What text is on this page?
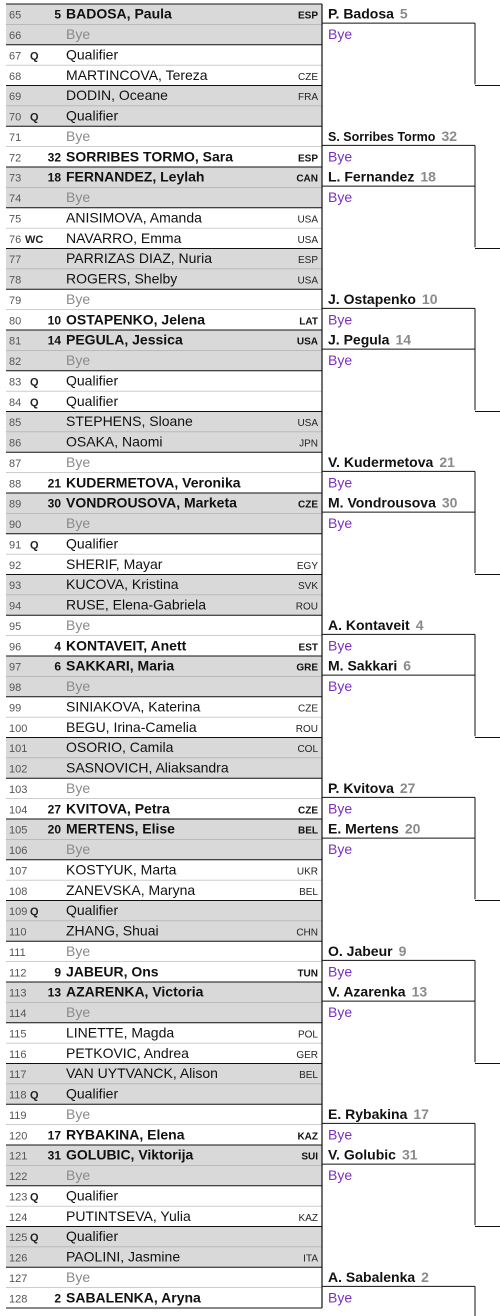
65	5 BADOSA, Paula	ESP
66	Bye
67 Q Qualifier
68	MARTINCOVA, Tereza	CZE
69	DODIN, Oceane	FRA
70 Q Qualifier
71	Bye
72 32 SORRIBES TORMO, Sara	ESP
73 18 FERNANDEZ, Leylah	CAN
74	Bye
75	ANISIMOVA, Amanda	USA
76 WC NAVARRO, Emma	USA
77	PARRIZAS DIAZ, Nuria	ESP
78	ROGERS, Shelby	USA
79	Bye
80 10 OSTAPENKO, Jelena	LAT
81 14 PEGULA, Jessica	USA
82	Bye
83 Q Qualifier
84 Q Qualifier
85	STEPHENS, Sloane	USA
86	OSAKA, Naomi	JPN
87	Bye
88 21 KUDERMETOVA, Veronika
89 30 VONDROUSOVA, Marketa	CZE
90	Bye
91 Q Qualifier
92	SHERIF, Mayar	EGY
93	KUCOVA, Kristina	SVK
94	RUSE, Elena-Gabriela	ROU
95	Bye
96	4 KONTAVEIT, Anett	EST
97	6 SAKKARI, Maria	GRE
98	Bye
99	SINIAKOVA, Katerina	CZE
100	BEGU, Irina-Camelia	ROU
101	OSORIO, Camila	COL
102	SASNOVICH, Aliaksandra
103	Bye
104 27 KVITOVA, Petra	CZE
105 20 MERTENS, Elise	BEL
106	Bye
107	KOSTYUK, Marta	UKR
108	ZANEVSKA, Maryna	BEL
109 Q Qualifier
110	ZHANG, Shuai	CHN
111	Bye
112 9 JABEUR, Ons	TUN
113 13 AZARENKA, Victoria
114	Bye
115	LINETTE, Magda	POL
116	PETKOVIC, Andrea	GER
117	VAN UYTVANCK, Alison	BEL
118 Q Qualifier
119	Bye
120 17 RYBAKINA, Elena	KAZ
121 31 GOLUBIC, Viktorija	SUI
122	Bye
123 Q Qualifier
124	PUTINTSEVA, Yulia	KAZ
125 Q Qualifier
126	PAOLINI, Jasmine	ITA
127	Bye
128 2 SABALENKA, Aryna
P. Badosa 5
Bye
S. Sorribes Tormo 32
Bye
L. Fernandez 18
Bye
J. Ostapenko 10
Bye
J. Pegula 14
Bye
V. Kudermetova 21
Bye
M. Vondrousova 30
Bye
A. Kontaveit 4
Bye
M. Sakkari 6
Bye
P. Kvitova 27
Bye
E. Mertens 20
Bye
O. Jabeur 9
Bye
V. Azarenka 13
Bye
E. Rybakina 17
Bye
V. Golubic 31
Bye
A. Sabalenka 2
Bye
